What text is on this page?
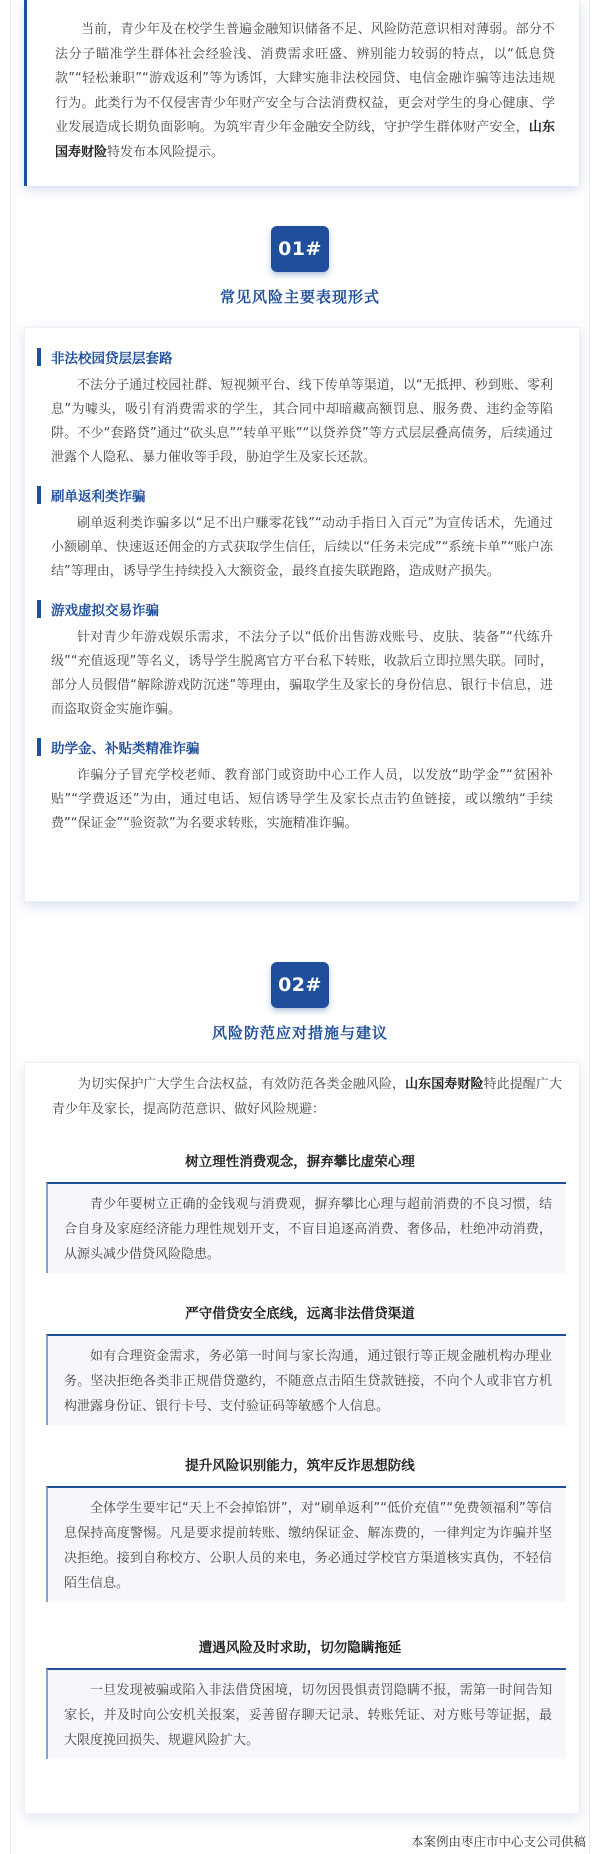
当前，青少年及在校学生普遍金融知识储备不足、风险防范意识相对薄弱。部分不法分子瞄准学生群体社会经验浅、消费需求旺盛、辨别能力较弱的特点，以“低息贷款”“轻松兼职”“游戏返利”等为诱饵，大肆实施非法校园贷、电信金融诈骗等违法违规行为。此类行为不仅侵害青少年财产安全与合法消费权益，更会对学生的身心健康、学业发展造成长期负面影响。为筑牢青少年金融安全防线，守护学生群体财产安全，山东国寿财险特发布本风险提示。

01#
常见风险主要表现形式
非法校园贷层层套路

不法分子通过校园社群、短视频平台、线下传单等渠道，以“无抵押、秒到账、零利息”为噱头，吸引有消费需求的学生，其合同中却暗藏高额罚息、服务费、违约金等陷阱。不少“套路贷”通过“砍头息”“转单平账”“以贷养贷”等方式层层叠高债务，后续通过泄露个人隐私、暴力催收等手段，胁迫学生及家长还款。

刷单返利类诈骗

刷单返利类诈骗多以“足不出户赚零花钱”“动动手指日入百元”为宣传话术，先通过小额刷单、快速返还佣金的方式获取学生信任，后续以“任务未完成”“系统卡单”“账户冻结”等理由，诱导学生持续投入大额资金，最终直接失联跑路，造成财产损失。

游戏虚拟交易诈骗

针对青少年游戏娱乐需求，不法分子以“低价出售游戏账号、皮肤、装备”“代练升级”“充值返现”等名义，诱导学生脱离官方平台私下转账，收款后立即拉黑失联。同时，部分人员假借“解除游戏防沉迷”等理由，骗取学生及家长的身份信息、银行卡信息，进而盗取资金实施诈骗。

助学金、补贴类精准诈骗

诈骗分子冒充学校老师、教育部门或资助中心工作人员，以发放“助学金”“贫困补贴”“学费返还”为由，通过电话、短信诱导学生及家长点击钓鱼链接，或以缴纳“手续费”“保证金”“验资款”为名要求转账，实施精准诈骗。

02#
风险防范应对措施与建议

为切实保护广大学生合法权益，有效防范各类金融风险，山东国寿财险特此提醒广大青少年及家长，提高防范意识、做好风险规避：

树立理性消费观念，摒弃攀比虚荣心理

青少年要树立正确的金钱观与消费观，摒弃攀比心理与超前消费的不良习惯，结合自身及家庭经济能力理性规划开支，不盲目追逐高消费、奢侈品，杜绝冲动消费，从源头减少借贷风险隐患。

严守借贷安全底线，远离非法借贷渠道

如有合理资金需求，务必第一时间与家长沟通，通过银行等正规金融机构办理业务。坚决拒绝各类非正规借贷邀约，不随意点击陌生贷款链接，不向个人或非官方机构泄露身份证、银行卡号、支付验证码等敏感个人信息。

提升风险识别能力，筑牢反诈思想防线

全体学生要牢记“天上不会掉馅饼”，对“刷单返利”“低价充值”“免费领福利”等信息保持高度警惕。凡是要求提前转账、缴纳保证金、解冻费的，一律判定为诈骗并坚决拒绝。接到自称校方、公职人员的来电，务必通过学校官方渠道核实真伪，不轻信陌生信息。

遭遇风险及时求助，切勿隐瞒拖延

一旦发现被骗或陷入非法借贷困境，切勿因畏惧责罚隐瞒不报，需第一时间告知家长，并及时向公安机关报案，妥善留存聊天记录、转账凭证、对方账号等证据，最大限度挽回损失、规避风险扩大。

本案例由枣庄市中心支公司供稿
